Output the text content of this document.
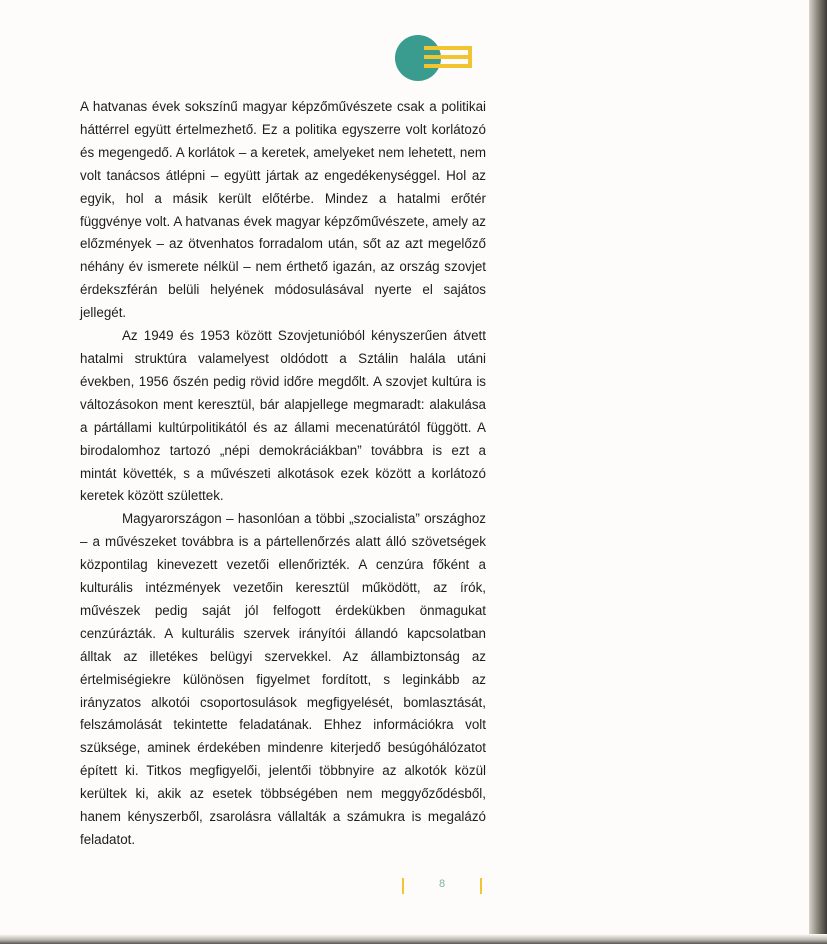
A hatvanas évek sokszínű magyar képzőművészete csak a politikai háttérrel együtt értelmezhető. Ez a politika egyszerre volt korlátozó és megengedő. A korlátok – a keretek, amelyeket nem lehetett, nem volt tanácsos átlépni – együtt jártak az engedékenységgel. Hol az egyik, hol a másik került előtérbe. Mindez a hatalmi erőtér függvénye volt. A hatvanas évek magyar képzőművészete, amely az előzmények – az ötvenhatos forradalom után, sőt az azt megelőző néhány év ismerete nélkül – nem érthető igazán, az ország szovjet érdekszférán belüli helyének módosulásával nyerte el sajátos jellegét.

Az 1949 és 1953 között Szovjetunióból kényszerűen átvett hatalmi struktúra valamelyest oldódott a Sztálin halála utáni években, 1956 őszén pedig rövid időre megdőlt. A szovjet kultúra is változásokon ment keresztül, bár alapjellege megmaradt: alakulása a pártállami kultúrpolitikától és az állami mecenatúrától függött. A birodalomhoz tartozó „népi demokráciákban” továbbra is ezt a mintát követték, s a művészeti alkotások ezek között a korlátozó keretek között születtek.

Magyarországon – hasonlóan a többi „szocialista” országhoz – a művészeket továbbra is a pártellenőrzés alatt álló szövetségek központilag kinevezett vezetői ellenőrizték. A cenzúra főként a kulturális intézmények vezetőin keresztül működött, az írók, művészek pedig saját jól felfogott érdekükben önmagukat cenzúrázták. A kulturális szervek irányítói állandó kapcsolatban álltak az illetékes belügyi szervekkel. Az állambiztonság az értelmiségiekre különösen figyelmet fordított, s leginkább az irányzatos alkotói csoportosulások megfigyelését, bomlasztását, felszámolását tekintette feladatának. Ehhez információkra volt szüksége, aminek érdekében mindenre kiterjedő besúgóhálózatot épített ki. Titkos megfigyelői, jelentői többnyire az alkotók közül kerültek ki, akik az esetek többségében nem meggyőződésből, hanem kényszerből, zsarolásra vállalták a számukra is megalázó feladatot.

8
